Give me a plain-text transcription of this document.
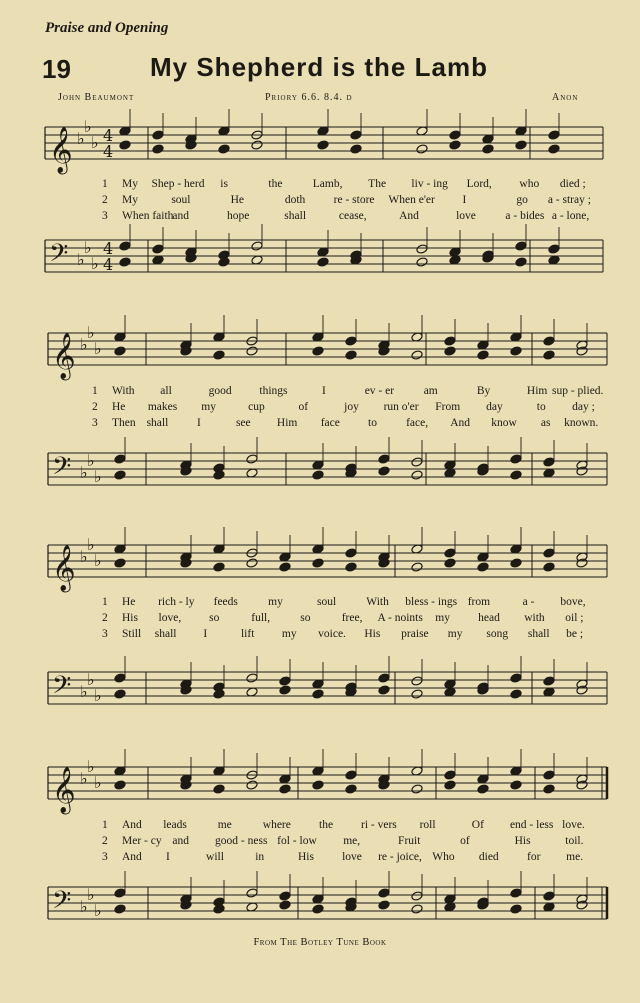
Praise and Opening
19	My Shepherd is the Lamb
John Beaumont	Priory 6.6. 8.4. d	Anon
𝄞 ♭
♭
♭ 4
4
𝄢 ♭
♭
♭
4
4
𝄞 ♭
♭
♭
𝄢 ♭
♭
♭
𝄞 ♭
♭
♭
𝄢 ♭
♭
♭
𝄞 ♭
♭
♭
𝄢 ♭
♭
♭
1 My Shep - herd is	the	Lamb, The liv - ing Lord, who died ;
2 My	soul	He	doth re - store When e'er I	go a - stray ;
3 When faith
and	hope	shall	cease,	And	love	a - bides a - lone,
1 With all	good things	I	ev - er	am	By	Him sup - plied.
2 He makes my	cup	of	joy run o'er From day	to day ;
3 Then shall I	see Him face to	face, And know as known.
1 He rich - ly feeds	my	soul	With bless - ings from	a - bove,
2 His love, so	full,	so	free, A - noints my head with oil ;
3 Still shall I	lift my voice. His praise my song shall be ;
1 And leads	me	where the ri - vers roll	Of end - less love.
2 Mer - cy and good - ness fol - low me,	Fruit	of	His	toil.
3 And I	will	in	His love re - joice, Who died for me.
From The Botley Tune Book
